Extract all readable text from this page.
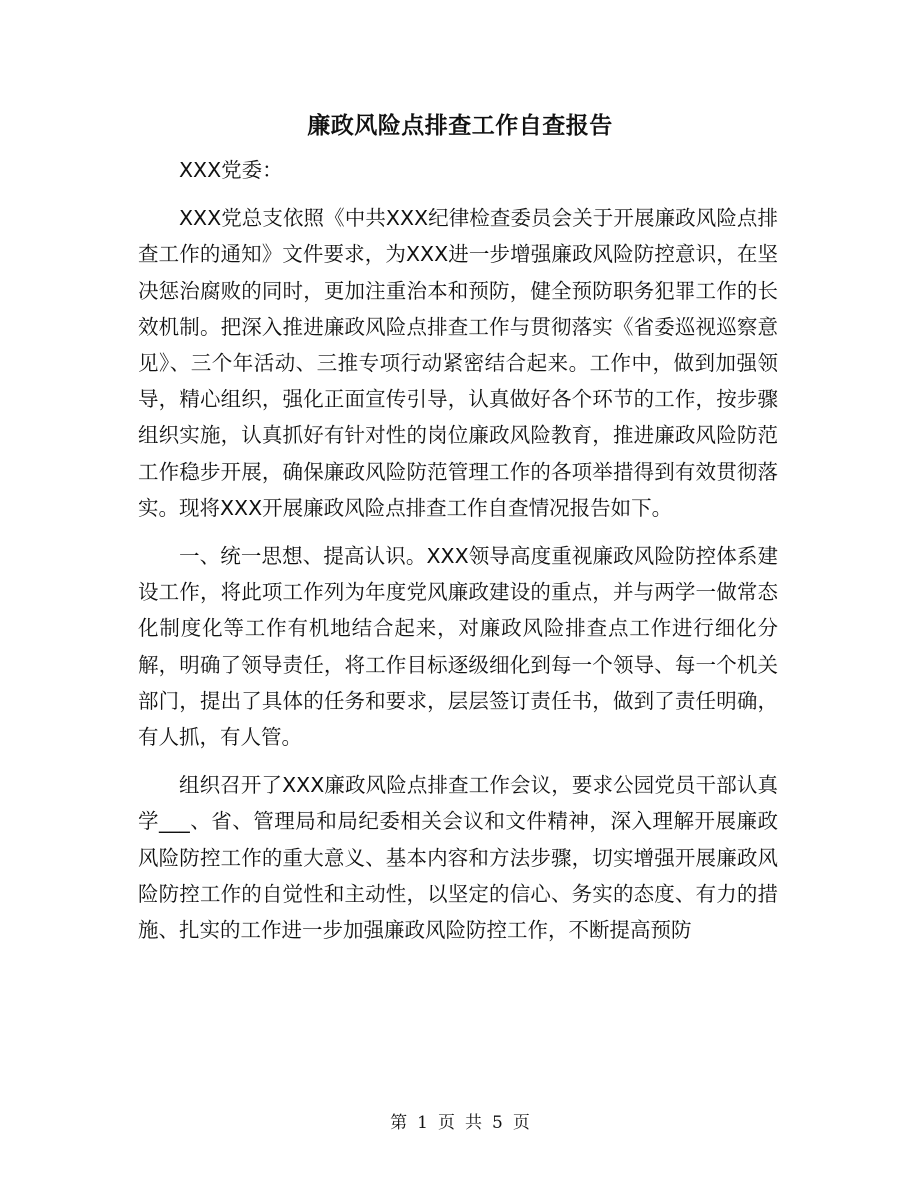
廉政风险点排查工作自查报告

XXX党委：

XXX党总支依照《中共XXX纪律检查委员会关于开展廉政风险点排查工作的通知》文件要求，为XXX进一步增强廉政风险防控意识，在坚决惩治腐败的同时，更加注重治本和预防，健全预防职务犯罪工作的长效机制。把深入推进廉政风险点排查工作与贯彻落实《省委巡视巡察意见》、三个年活动、三推专项行动紧密结合起来。工作中，做到加强领导，精心组织，强化正面宣传引导，认真做好各个环节的工作，按步骤组织实施，认真抓好有针对性的岗位廉政风险教育，推进廉政风险防范工作稳步开展，确保廉政风险防范管理工作的各项举措得到有效贯彻落实。现将XXX开展廉政风险点排查工作自查情况报告如下。

一、统一思想、提高认识。XXX领导高度重视廉政风险防控体系建设工作，将此项工作列为年度党风廉政建设的重点，并与两学一做常态化制度化等工作有机地结合起来，对廉政风险排查点工作进行细化分解，明确了领导责任，将工作目标逐级细化到每一个领导、每一个机关部门，提出了具体的任务和要求，层层签订责任书，做到了责任明确，有人抓，有人管。

组织召开了XXX廉政风险点排查工作会议，要求公园党员干部认真学___、省、管理局和局纪委相关会议和文件精神，深入理解开展廉政风险防控工作的重大意义、基本内容和方法步骤，切实增强开展廉政风险防控工作的自觉性和主动性，以坚定的信心、务实的态度、有力的措施、扎实的工作进一步加强廉政风险防控工作，不断提高预防

第 1 页 共 5 页
